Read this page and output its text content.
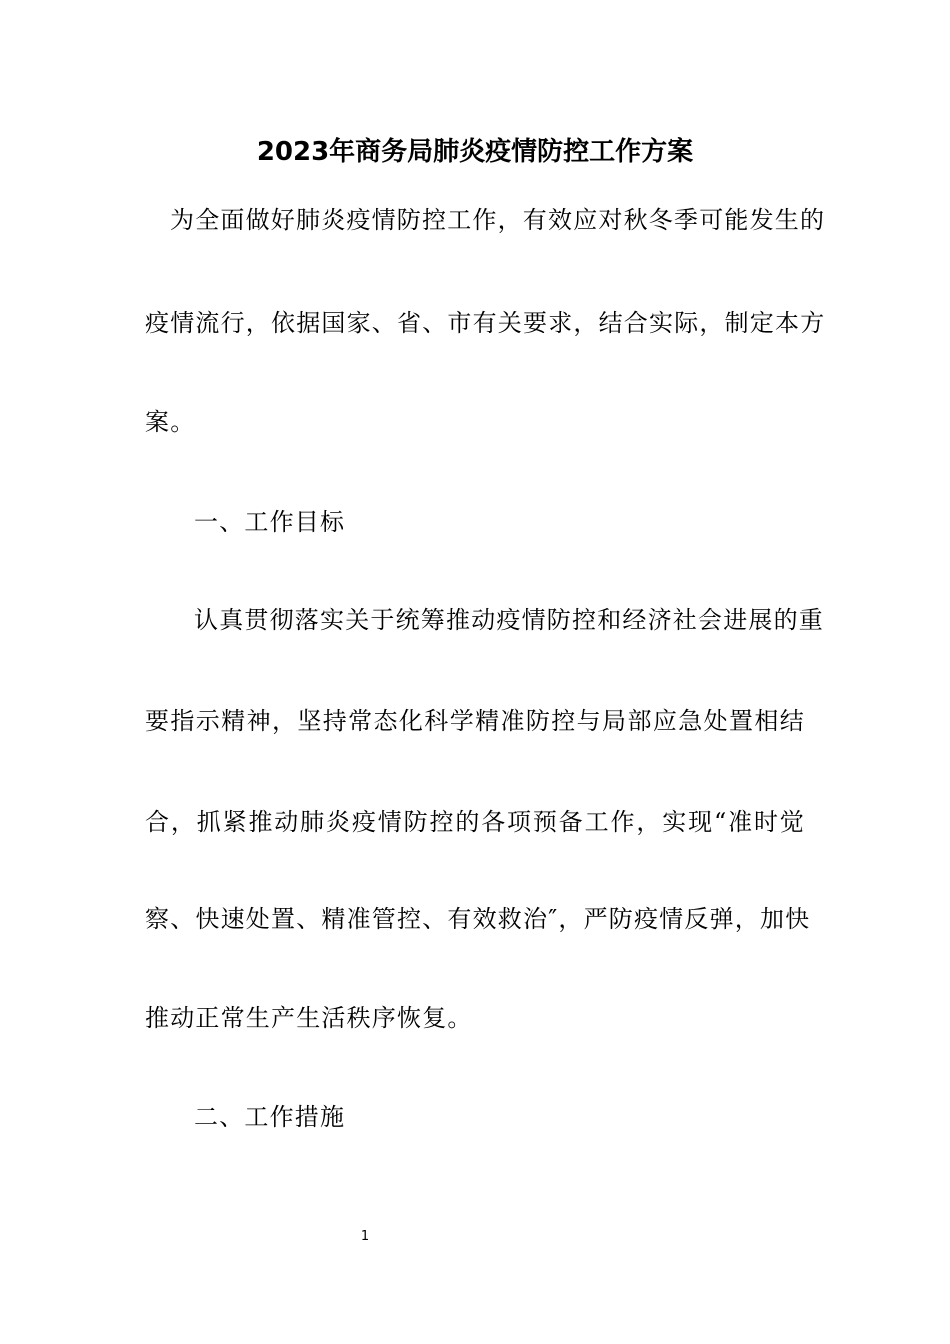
2023年商务局肺炎疫情防控工作方案
为全面做好肺炎疫情防控工作，有效应对秋冬季可能发生的
疫情流行，依据国家、省、市有关要求，结合实际，制定本方
案。
一、工作目标
认真贯彻落实关于统筹推动疫情防控和经济社会进展的重
要指示精神，坚持常态化科学精准防控与局部应急处置相结
合，抓紧推动肺炎疫情防控的各项预备工作，实现“准时觉
察、快速处置、精准管控、有效救治″，严防疫情反弹，加快
推动正常生产生活秩序恢复。
二、工作措施
1
